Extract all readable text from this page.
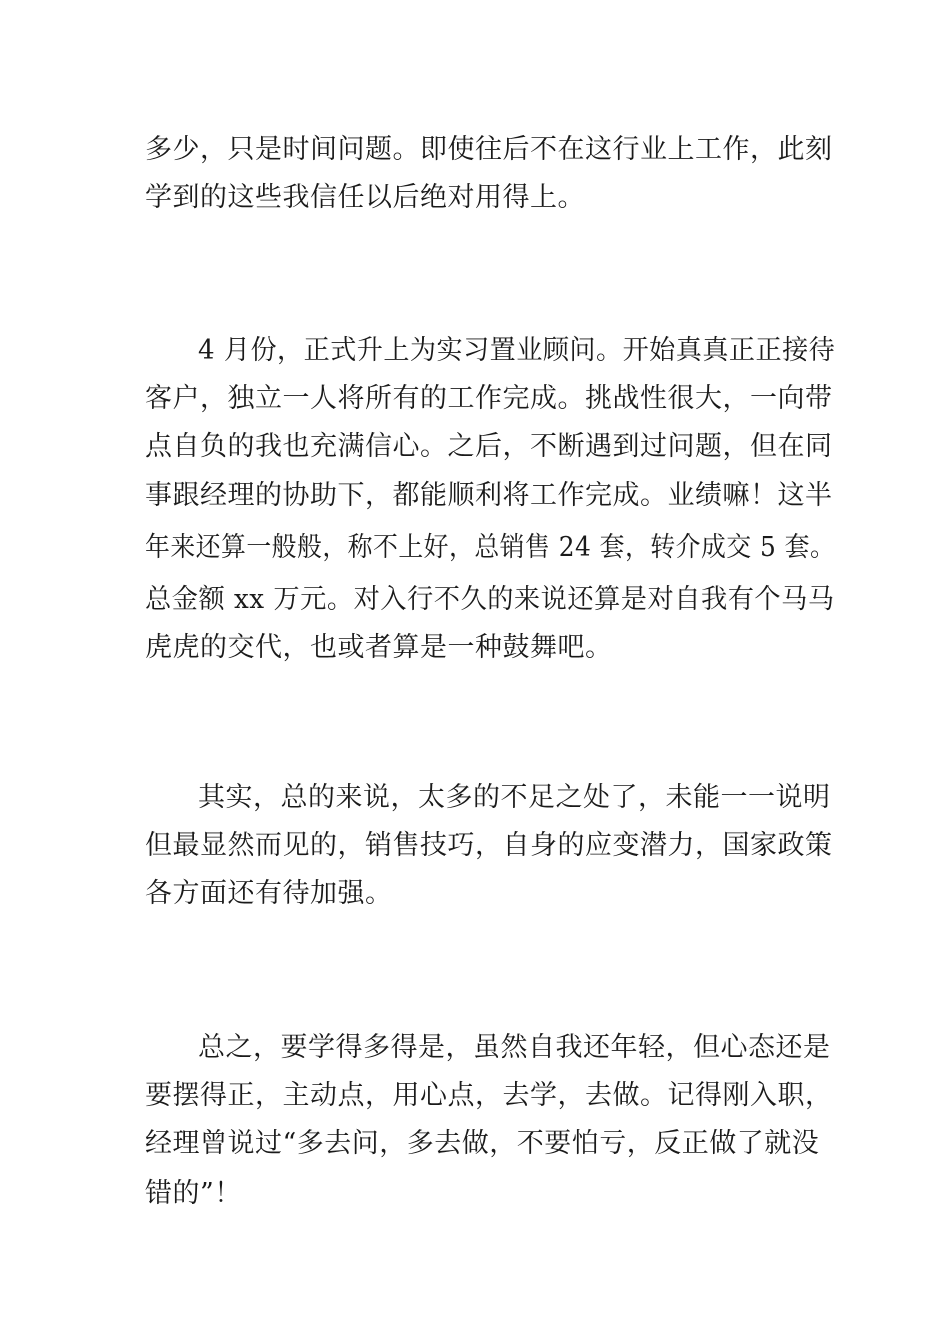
多少，只是时间问题。即使往后不在这行业上工作，此刻
学到的这些我信任以后绝对用得上。
4 月份，正式升上为实习置业顾问。开始真真正正接待
客户，独立一人将所有的工作完成。挑战性很大，一向带
点自负的我也充满信心。之后，不断遇到过问题，但在同
事跟经理的协助下，都能顺利将工作完成。业绩嘛！这半
年来还算一般般，称不上好，总销售 24 套，转介成交 5 套。
总金额 xx 万元。对入行不久的来说还算是对自我有个马马
虎虎的交代，也或者算是一种鼓舞吧。
其实，总的来说，太多的不足之处了，未能一一说明
但最显然而见的，销售技巧，自身的应变潜力，国家政策
各方面还有待加强。
总之，要学得多得是，虽然自我还年轻，但心态还是
要摆得正，主动点，用心点，去学，去做。记得刚入职，
经理曾说过“多去问，多去做，不要怕亏，反正做了就没
错的”！
